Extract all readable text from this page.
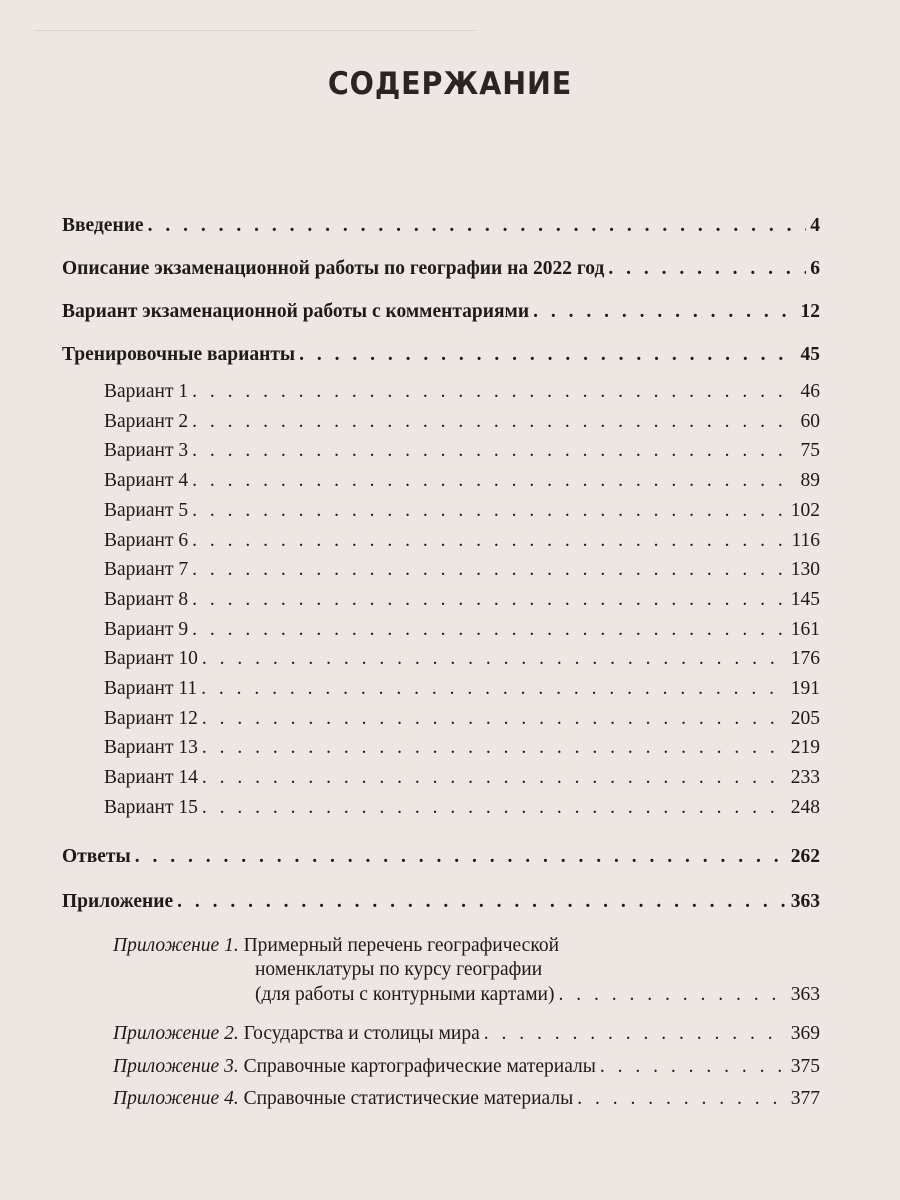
СОДЕРЖАНИЕ
Введение . . .	4
Описание экзаменационной работы по географии на 2022 год . . .	6
Вариант экзаменационной работы с комментариями . . .	12
Тренировочные варианты . . .	45
Вариант 1 . . .	46
Вариант 2 . . .	60
Вариант 3 . . .	75
Вариант 4 . . .	89
Вариант 5 . . .	102
Вариант 6 . . .	116
Вариант 7 . . .	130
Вариант 8 . . .	145
Вариант 9 . . .	161
Вариант 10 . . .	176
Вариант 11 . . .	191
Вариант 12 . . .	205
Вариант 13 . . .	219
Вариант 14 . . .	233
Вариант 15 . . .	248
Ответы . . .	262
Приложение . . .	363
Приложение 1.
Примерный перечень географической
номенклатуры по курсу географии
(для работы с контурными картами) . . .	363
Приложение 2.
Государства и столицы мира . . .	369
Приложение 3.
Справочные картографические материалы . . .	375
Приложение 4.
Справочные статистические материалы . . .	377
